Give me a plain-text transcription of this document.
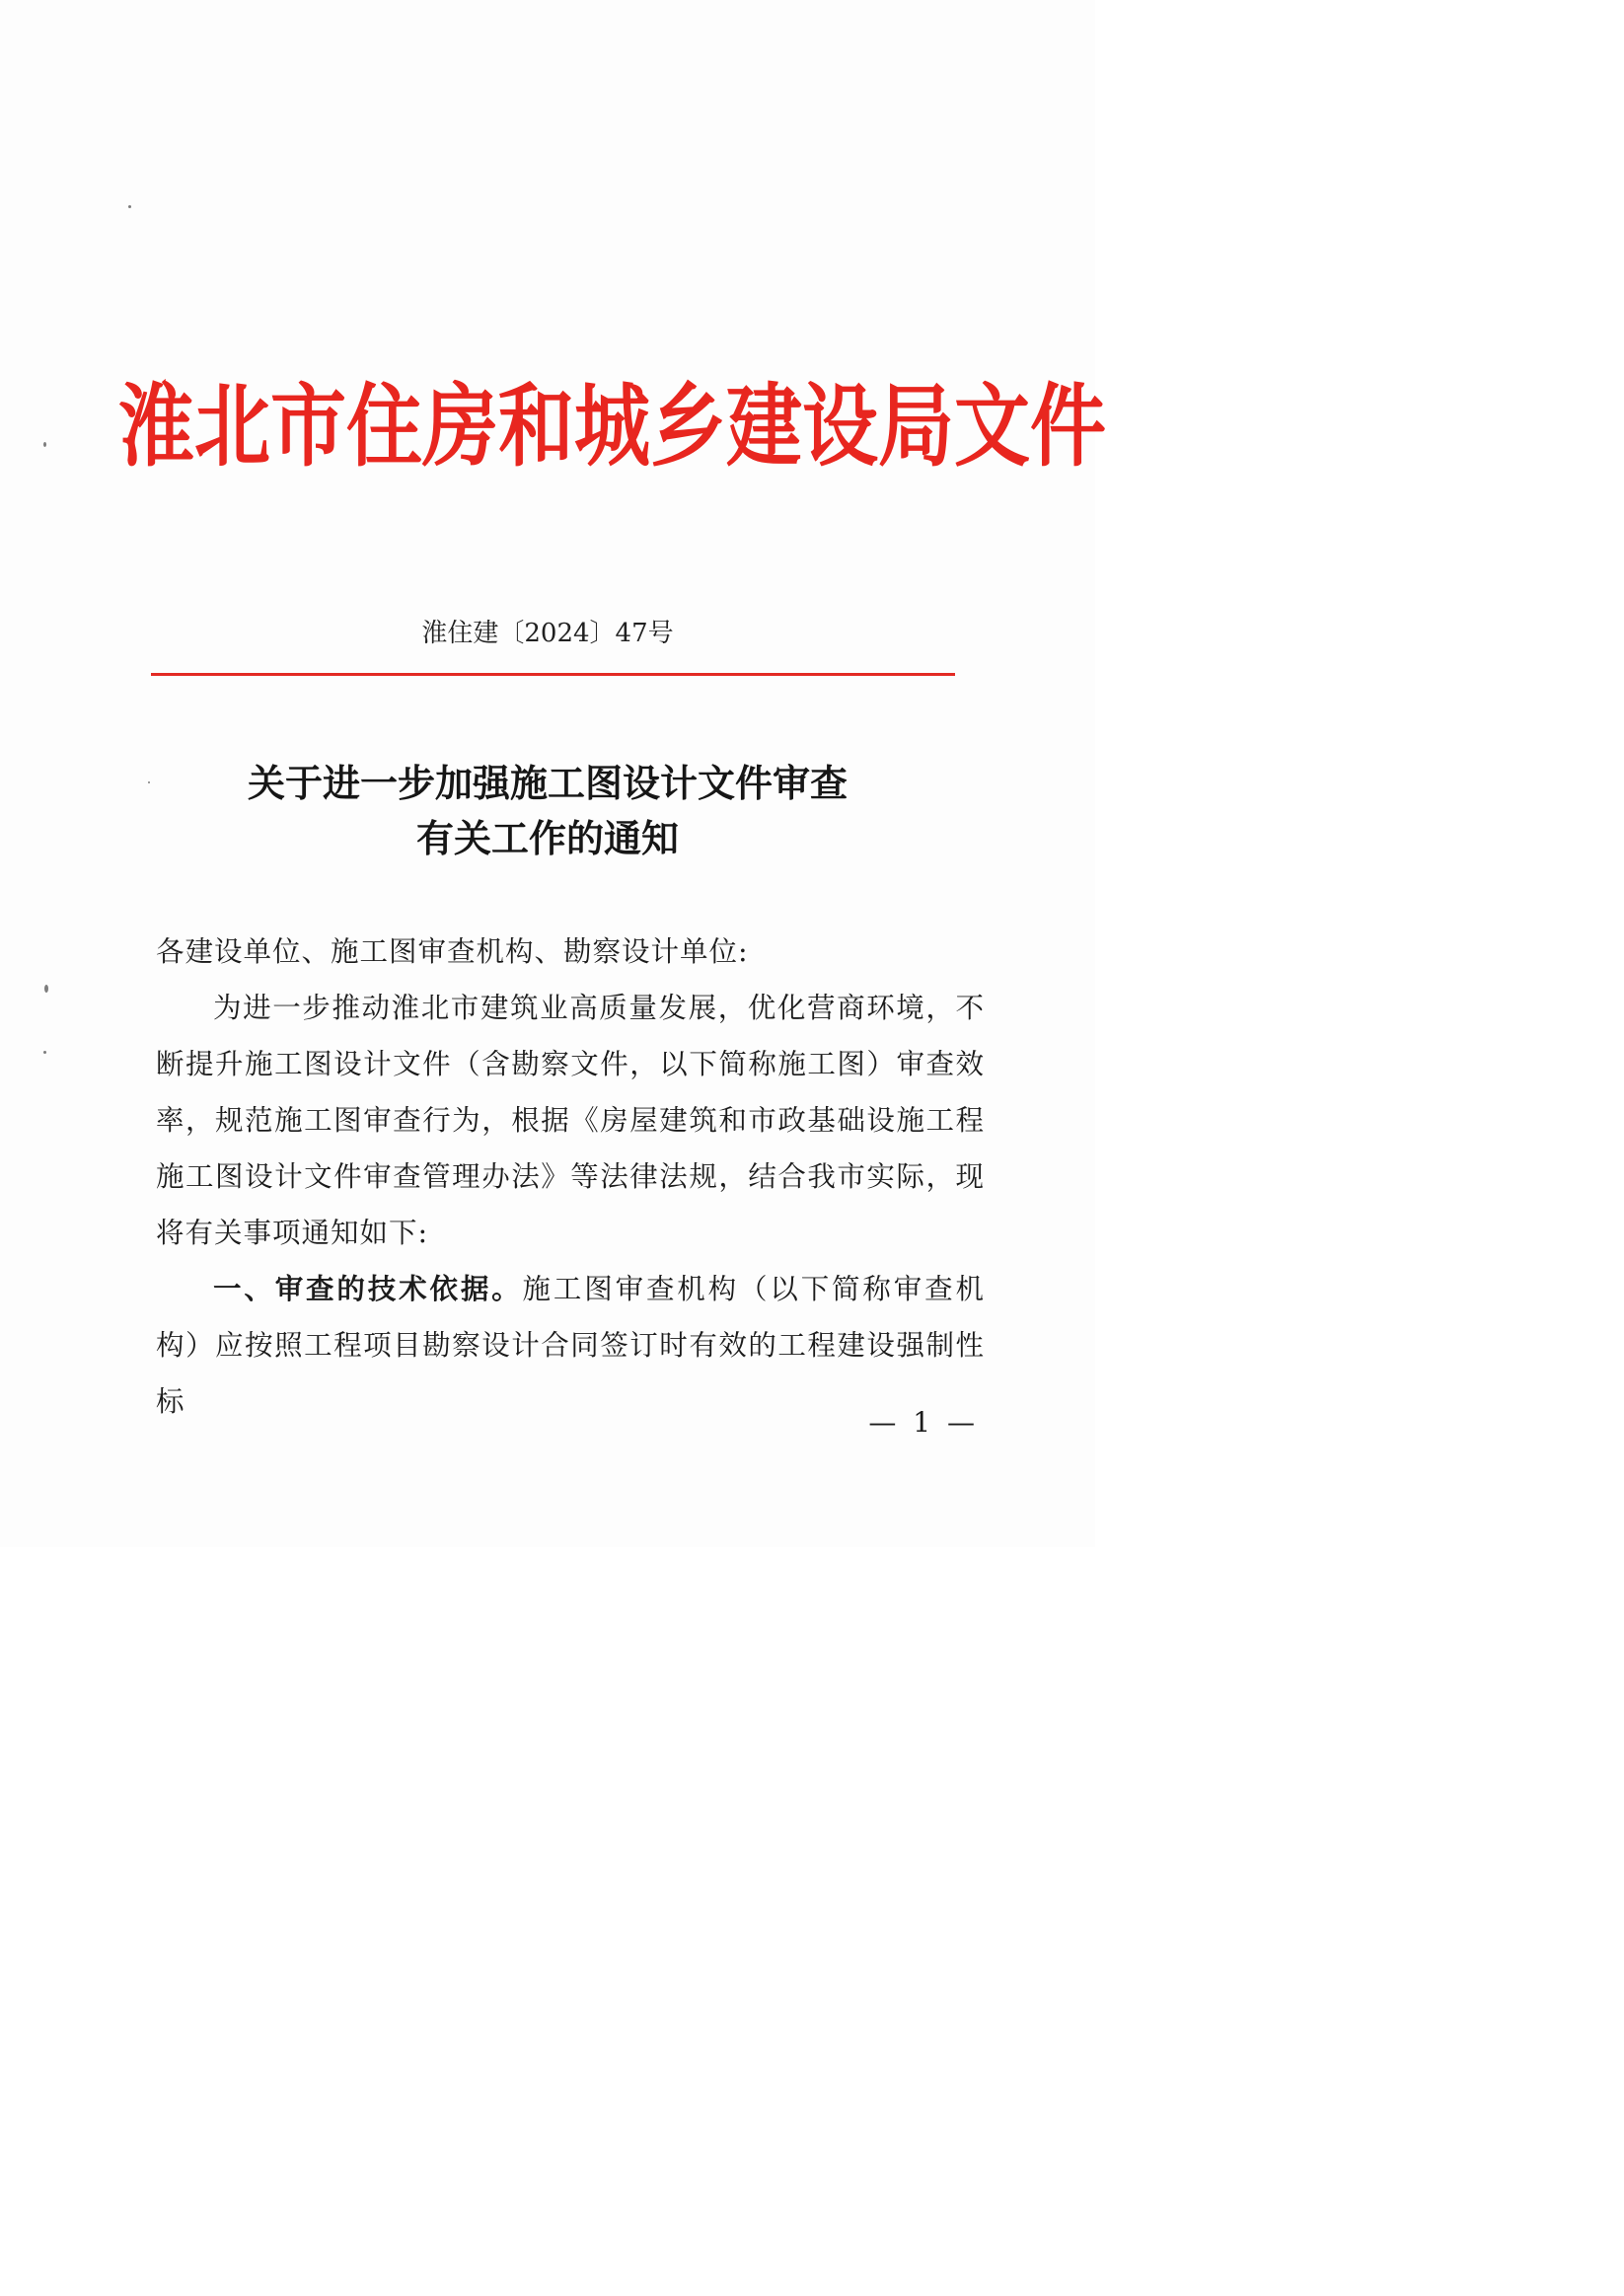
淮北市住房和城乡建设局文件
淮住建〔2024〕47号
关于进一步加强施工图设计文件审查
有关工作的通知

各建设单位、施工图审查机构、勘察设计单位:

为进一步推动淮北市建筑业高质量发展，优化营商环境，不断提升施工图设计文件（含勘察文件，以下简称施工图）审查效率，规范施工图审查行为，根据《房屋建筑和市政基础设施工程施工图设计文件审查管理办法》等法律法规，结合我市实际，现将有关事项通知如下:

一、审查的技术依据。施工图审查机构（以下简称审查机构）应按照工程项目勘察设计合同签订时有效的工程建设强制性标

— 1 —
